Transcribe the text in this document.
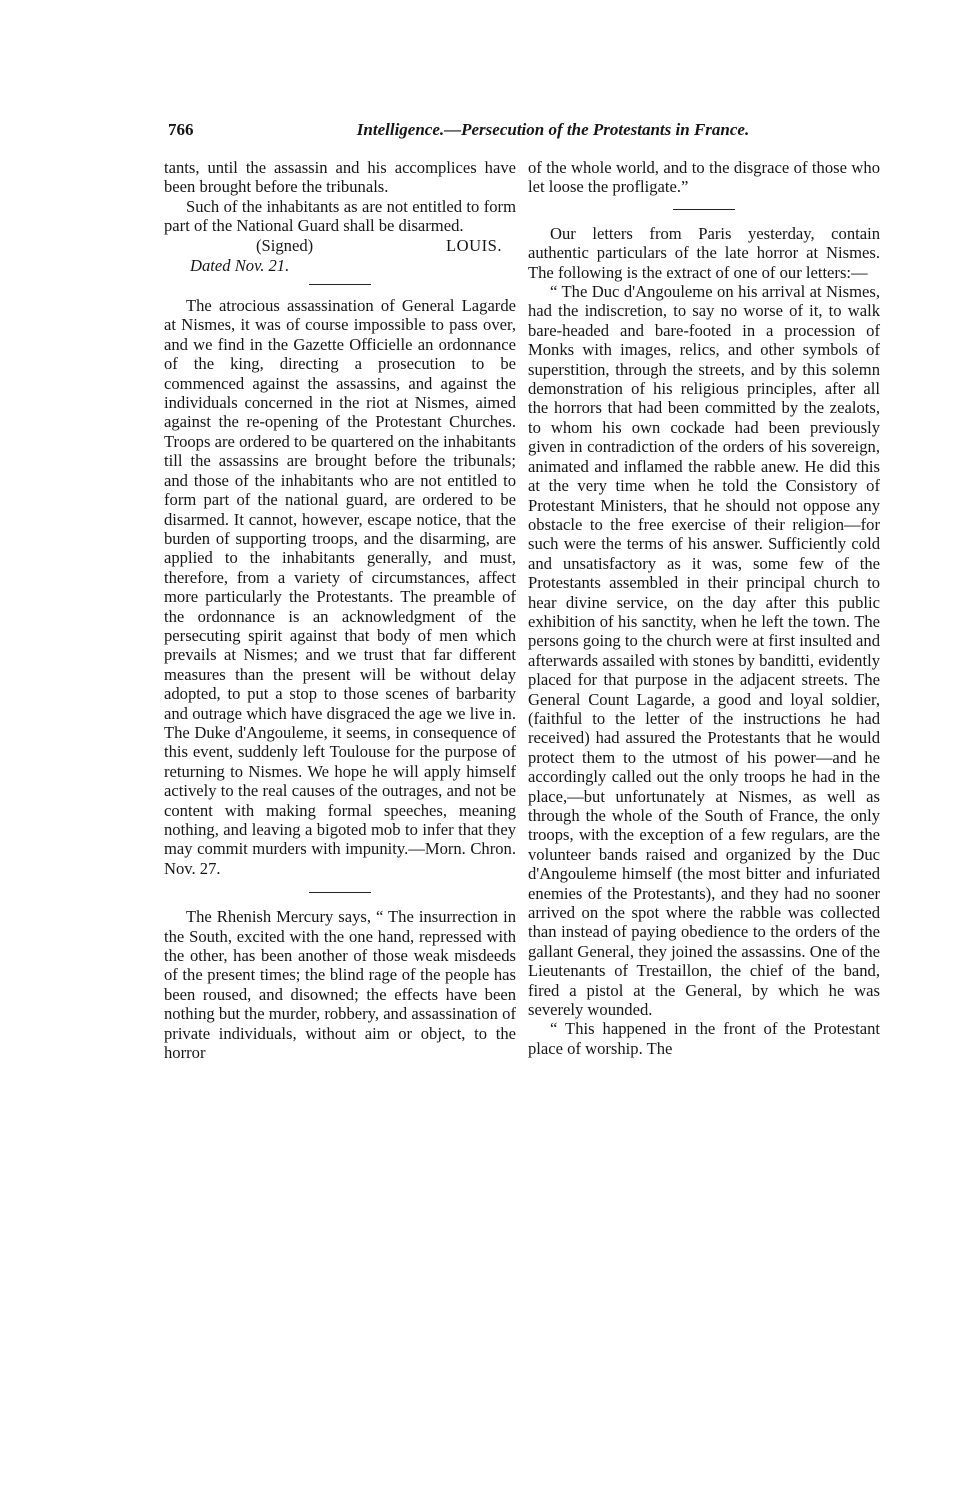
766	Intelligence.—Persecution of the Protestants in France.

tants, until the assassin and his accomplices have been brought before the tribunals.

Such of the inhabitants as are not entitled to form part of the National Guard shall be disarmed.

(Signed)	LOUIS.
Dated Nov. 21.

The atrocious assassination of General Lagarde at Nismes, it was of course impossible to pass over, and we find in the Gazette Officielle an ordonnance of the king, directing a prosecution to be commenced against the assassins, and against the individuals concerned in the riot at Nismes, aimed against the re-opening of the Protestant Churches. Troops are ordered to be quartered on the inhabitants till the assassins are brought before the tribunals; and those of the inhabitants who are not entitled to form part of the national guard, are ordered to be disarmed. It cannot, however, escape notice, that the burden of supporting troops, and the disarming, are applied to the inhabitants generally, and must, therefore, from a variety of circumstances, affect more particularly the Protestants. The preamble of the ordonnance is an acknowledgment of the persecuting spirit against that body of men which prevails at Nismes; and we trust that far different measures than the present will be without delay adopted, to put a stop to those scenes of barbarity and outrage which have disgraced the age we live in. The Duke d'Angouleme, it seems, in consequence of this event, suddenly left Toulouse for the purpose of returning to Nismes. We hope he will apply himself actively to the real causes of the outrages, and not be content with making formal speeches, meaning nothing, and leaving a bigoted mob to infer that they may commit murders with impunity.—Morn. Chron. Nov. 27.

The Rhenish Mercury says, “ The insurrection in the South, excited with the one hand, repressed with the other, has been another of those weak misdeeds of the present times; the blind rage of the people has been roused, and disowned; the effects have been nothing but the murder, robbery, and assassination of private individuals, without aim or object, to the horror

of the whole world, and to the disgrace of those who let loose the profligate.”

Our letters from Paris yesterday, contain authentic particulars of the late horror at Nismes. The following is the extract of one of our letters:—

“ The Duc d'Angouleme on his arrival at Nismes, had the indiscretion, to say no worse of it, to walk bare-headed and bare-footed in a procession of Monks with images, relics, and other symbols of superstition, through the streets, and by this solemn demonstration of his religious principles, after all the horrors that had been committed by the zealots, to whom his own cockade had been previously given in contradiction of the orders of his sovereign, animated and inflamed the rabble anew. He did this at the very time when he told the Consistory of Protestant Ministers, that he should not oppose any obstacle to the free exercise of their religion—for such were the terms of his answer. Sufficiently cold and unsatisfactory as it was, some few of the Protestants assembled in their principal church to hear divine service, on the day after this public exhibition of his sanctity, when he left the town. The persons going to the church were at first insulted and afterwards assailed with stones by banditti, evidently placed for that purpose in the adjacent streets. The General Count Lagarde, a good and loyal soldier, (faithful to the letter of the instructions he had received) had assured the Protestants that he would protect them to the utmost of his power—and he accordingly called out the only troops he had in the place,—but unfortunately at Nismes, as well as through the whole of the South of France, the only troops, with the exception of a few regulars, are the volunteer bands raised and organized by the Duc d'Angouleme himself (the most bitter and infuriated enemies of the Protestants), and they had no sooner arrived on the spot where the rabble was collected than instead of paying obedience to the orders of the gallant General, they joined the assassins. One of the Lieutenants of Trestaillon, the chief of the band, fired a pistol at the General, by which he was severely wounded.

“ This happened in the front of the Protestant place of worship. The
